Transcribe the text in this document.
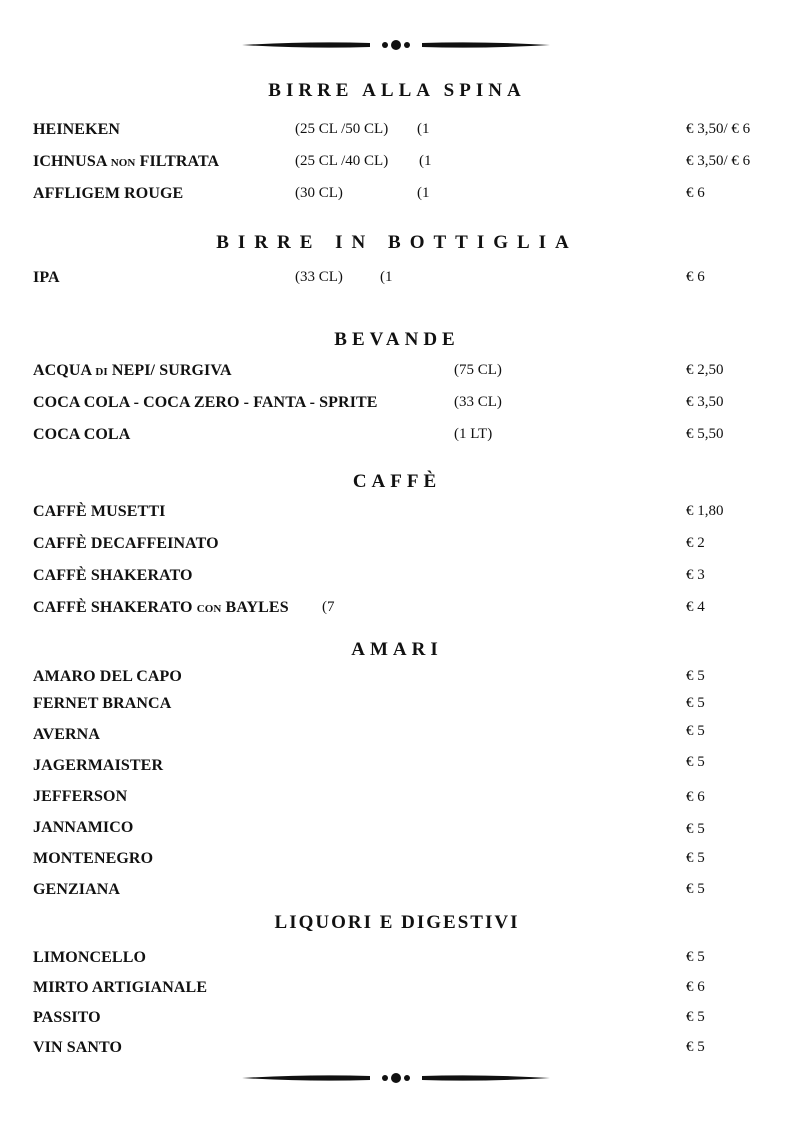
BIRRE ALLA SPINA
HEINEKEN	(25 CL /50 CL) (1	€ 3,50/ € 6
ICHNUSA non FILTRATA	(25 CL /40 CL) (1	€ 3,50/ € 6
AFFLIGEM ROUGE	(30 CL)	(1	€ 6
BIRRE IN BOTTIGLIA
IPA	(33 CL) (1	€ 6
BEVANDE
ACQUA di NEPI/ SURGIVA	(75 CL)	€ 2,50
COCA COLA - COCA ZERO - FANTA - SPRITE	(33 CL)	€ 3,50
COCA COLA	(1 LT)	€ 5,50
CAFFÈ
CAFFÈ MUSETTI	€ 1,80
CAFFÈ DECAFFEINATO	€ 2
CAFFÈ SHAKERATO	€ 3
CAFFÈ SHAKERATO con BAYLES (7	€ 4
AMARI
AMARO DEL CAPO	€ 5
FERNET BRANCA	€ 5
AVERNA	€ 5
JAGERMAISTER	€ 5
JEFFERSON	€ 6
JANNAMICO	€ 5
MONTENEGRO	€ 5
GENZIANA	€ 5
LIQUORI E DIGESTIVI
LIMONCELLO	€ 5
MIRTO ARTIGIANALE	€ 6
PASSITO	€ 5
VIN SANTO	€ 5
